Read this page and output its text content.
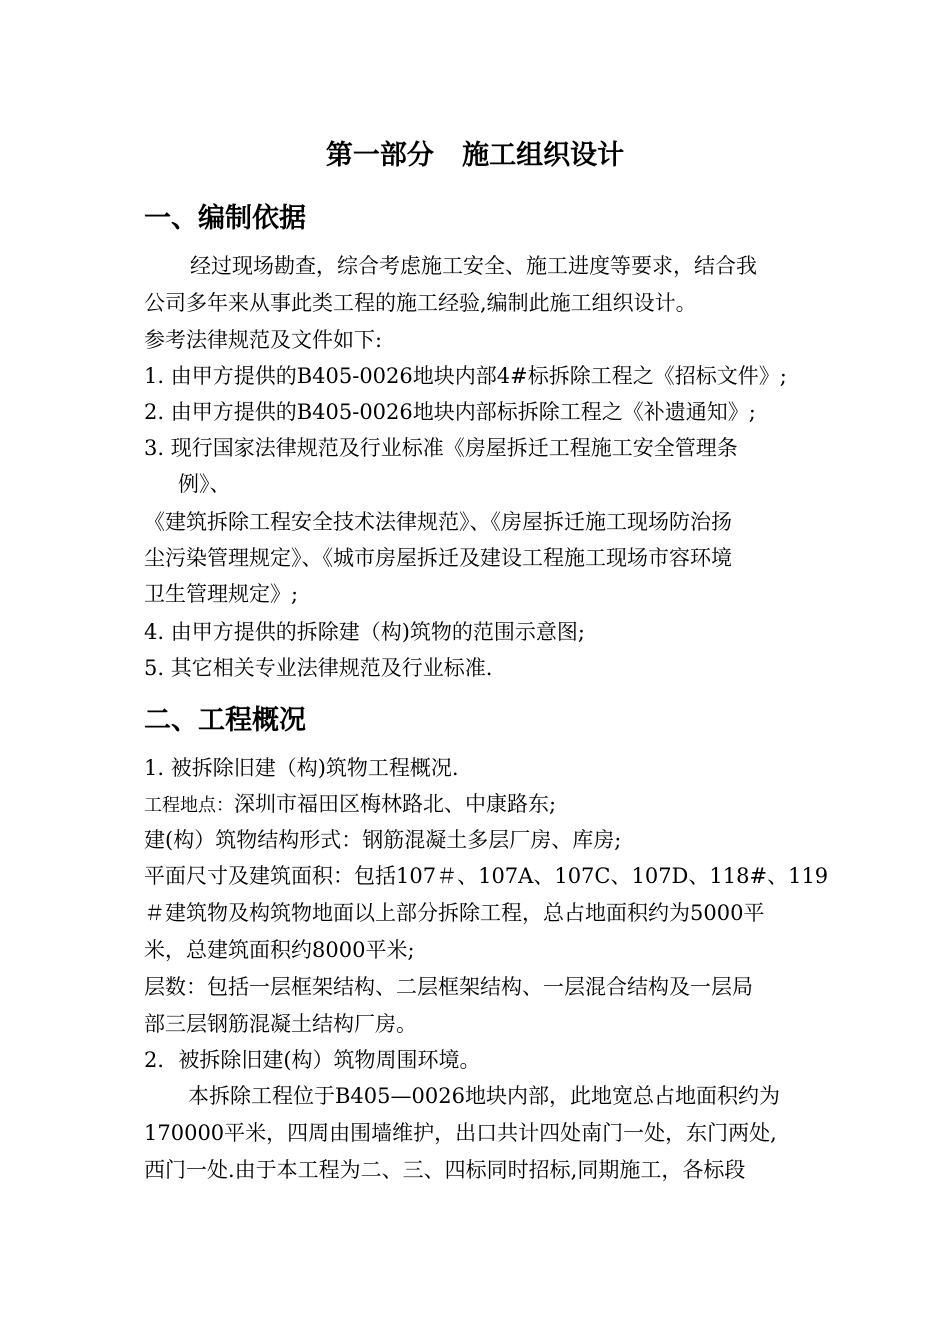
第一部分   施工组织设计
一、编制依据
经过现场勘查，综合考虑施工安全、施工进度等要求，结合我
公司多年来从事此类工程的施工经验,编制此施工组织设计。
参考法律规范及文件如下:
1. 由甲方提供的B405-0026地块内部4#标拆除工程之《招标文件》;
2. 由甲方提供的B405-0026地块内部标拆除工程之《补遗通知》;
3. 现行国家法律规范及行业标准《房屋拆迁工程施工安全管理条
例》、
《建筑拆除工程安全技术法律规范》、《房屋拆迁施工现场防治扬
尘污染管理规定》、《城市房屋拆迁及建设工程施工现场市容环境
卫生管理规定》;
4. 由甲方提供的拆除建（构)筑物的范围示意图;
5. 其它相关专业法律规范及行业标准.
二、工程概况
1. 被拆除旧建（构)筑物工程概况.
工程地点：深圳市福田区梅林路北、中康路东;
建(构）筑物结构形式：钢筋混凝土多层厂房、库房;
平面尺寸及建筑面积：包括107＃、107A、107C、107D、118#、119
＃建筑物及构筑物地面以上部分拆除工程，总占地面积约为5000平
米，总建筑面积约8000平米;
层数：包括一层框架结构、二层框架结构、一层混合结构及一层局
部三层钢筋混凝土结构厂房。
2．被拆除旧建(构）筑物周围环境。
本拆除工程位于B405—0026地块内部，此地宽总占地面积约为
170000平米，四周由围墙维护，出口共计四处南门一处，东门两处,
西门一处.由于本工程为二、三、四标同时招标,同期施工，各标段
